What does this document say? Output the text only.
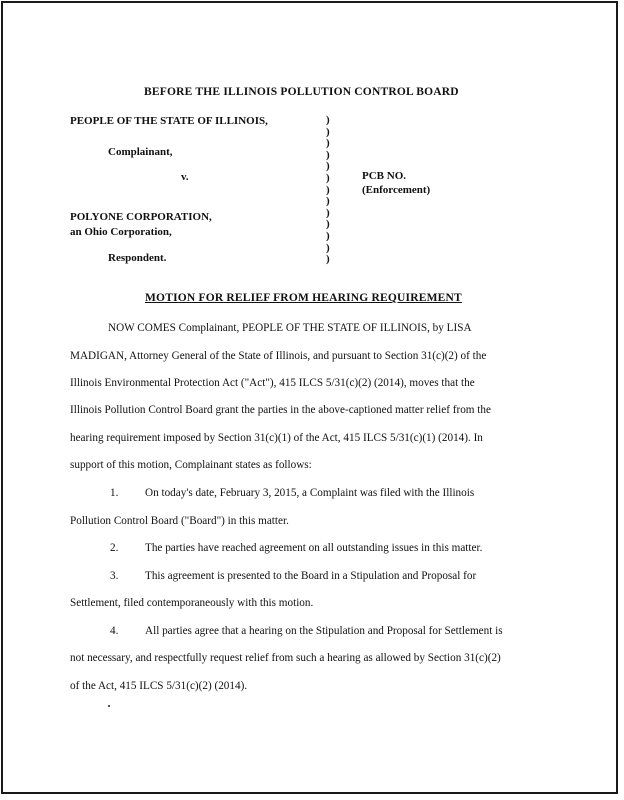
BEFORE THE ILLINOIS POLLUTION CONTROL BOARD
PEOPLE OF THE STATE OF ILLINOIS,
Complainant,
v.
POLYONE CORPORATION,
an Ohio Corporation,
Respondent.
)
)
)
)
)
)
)
)
)
)
)
)
)
PCB NO.
(Enforcement)
MOTION FOR RELIEF FROM HEARING REQUIREMENT
NOW COMES Complainant, PEOPLE OF THE STATE OF ILLINOIS, by LISA
MADIGAN, Attorney General of the State of Illinois, and pursuant to Section 31(c)(2) of the
Illinois Environmental Protection Act ("Act"), 415 ILCS 5/31(c)(2) (2014), moves that the
Illinois Pollution Control Board grant the parties in the above-captioned matter relief from the
hearing requirement imposed by Section 31(c)(1) of the Act, 415 ILCS 5/31(c)(1) (2014). In
support of this motion, Complainant states as follows:
1. On today's date, February 3, 2015, a Complaint was filed with the Illinois
Pollution Control Board ("Board") in this matter.
2. The parties have reached agreement on all outstanding issues in this matter.
3. This agreement is presented to the Board in a Stipulation and Proposal for
Settlement, filed contemporaneously with this motion.
4. All parties agree that a hearing on the Stipulation and Proposal for Settlement is
not necessary, and respectfully request relief from such a hearing as allowed by Section 31(c)(2)
of the Act, 415 ILCS 5/31(c)(2) (2014).
